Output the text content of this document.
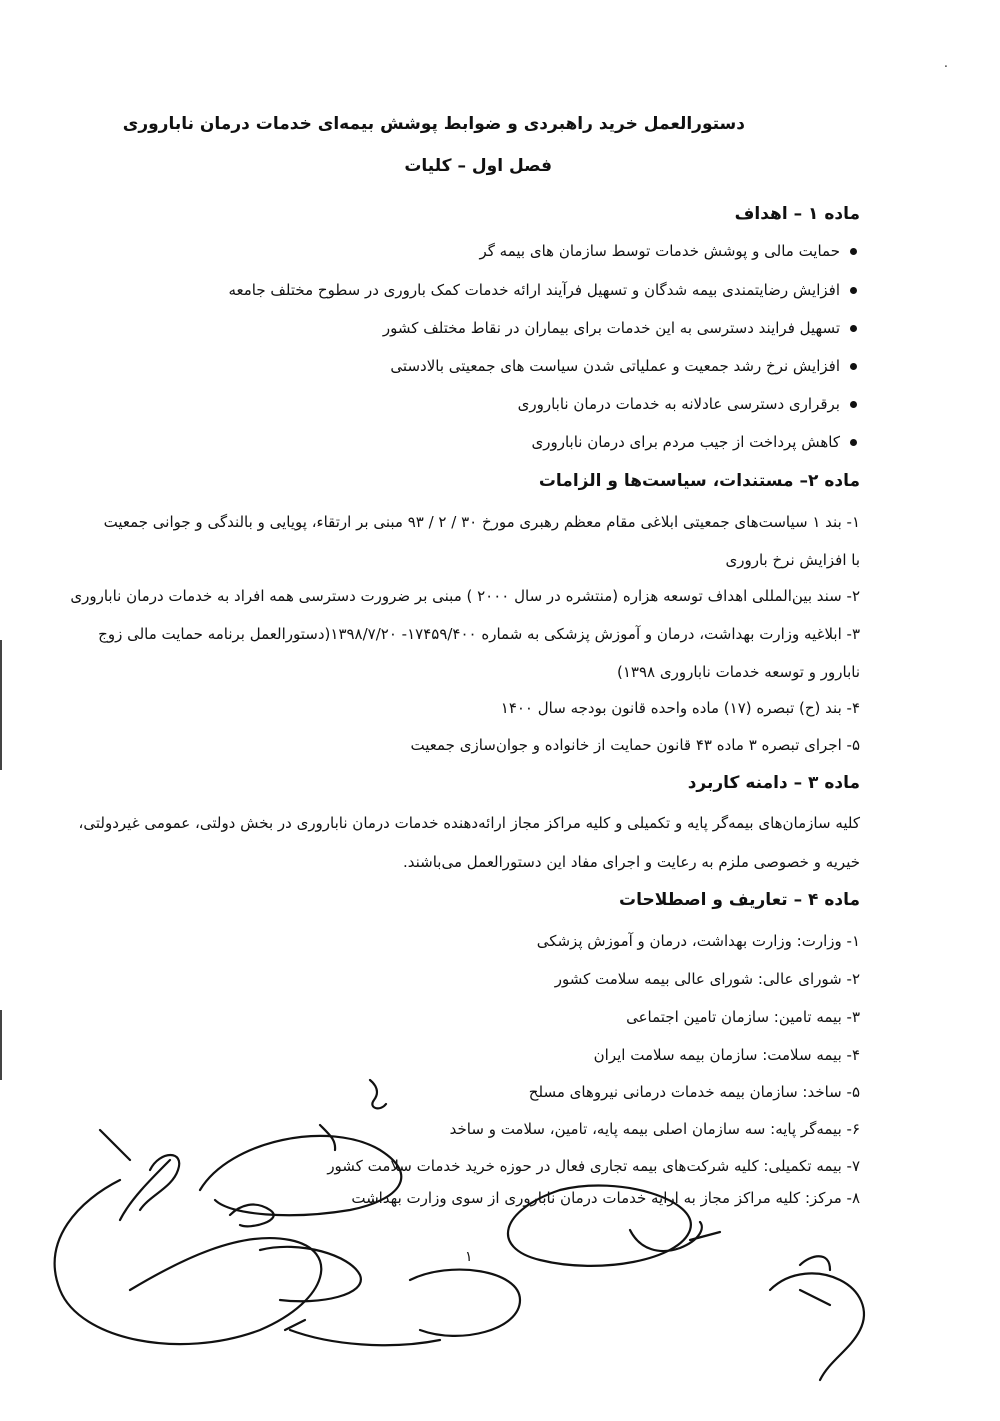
دستورالعمل خرید راهبردی و ضوابط پوشش بیمه‌ای خدمات درمان ناباروری
فصل اول – کلیات
ماده ۱ – اهداف
حمایت مالی و پوشش خدمات توسط سازمان های بیمه گر
افزایش رضایتمندی بیمه شدگان و تسهیل فرآیند ارائه خدمات کمک باروری در سطوح مختلف جامعه
تسهیل فرایند دسترسی به این خدمات برای بیماران در نقاط مختلف کشور
افزایش نرخ رشد جمعیت و عملیاتی شدن سیاست های جمعیتی بالادستی
برقراری دسترسی عادلانه به خدمات درمان ناباروری
کاهش پرداخت از جیب مردم برای درمان ناباروری
ماده ۲– مستندات، سیاست‌ها و الزامات
۱- بند ۱ سیاست‌های جمعیتی ابلاغی مقام معظم رهبری مورخ ۳۰ / ۲ / ۹۳ مبنی بر ارتقاء، پویایی و بالندگی و جوانی جمعیت
با افزایش نرخ باروری
۲- سند بین‌المللی اهداف توسعه هزاره (منتشره در سال ۲۰۰۰ ) مبنی بر ضرورت دسترسی همه افراد به خدمات درمان ناباروری
۳- ابلاغیه وزارت بهداشت، درمان و آموزش پزشکی به شماره ۱۷۴۵۹/۴۰۰- ۱۳۹۸/۷/۲۰(دستورالعمل برنامه حمایت مالی زوج
نابارور و توسعه خدمات ناباروری ۱۳۹۸)
۴- بند (ح) تبصره (۱۷) ماده واحده قانون بودجه سال ۱۴۰۰
۵- اجرای تبصره ۳ ماده ۴۳ قانون حمایت از خانواده و جوان‌سازی جمعیت
ماده ۳ – دامنه کاربرد
کلیه سازمان‌های بیمه‌گر پایه و تکمیلی و کلیه مراکز مجاز ارائه‌دهنده خدمات درمان ناباروری در بخش دولتی، عمومی غیردولتی،
خیریه و خصوصی ملزم به رعایت و اجرای مفاد این دستورالعمل می‌باشند.
ماده ۴ – تعاریف و اصطلاحات
۱- وزارت: وزارت بهداشت، درمان و آموزش پزشکی
۲- شورای عالی: شورای عالی بیمه سلامت کشور
۳- بیمه تامین: سازمان تامین اجتماعی
۴- بیمه سلامت: سازمان بیمه سلامت ایران
۵- ساخد: سازمان بیمه خدمات درمانی نیروهای مسلح
۶- بیمه‌گر پایه: سه سازمان اصلی بیمه پایه، تامین، سلامت و ساخد
۷- بیمه تکمیلی: کلیه شرکت‌های بیمه تجاری فعال در حوزه خرید خدمات سلامت کشور
۸- مرکز: کلیه مراکز مجاز به ارایه خدمات درمان ناباروری از سوی وزارت بهداشت
۱
·
